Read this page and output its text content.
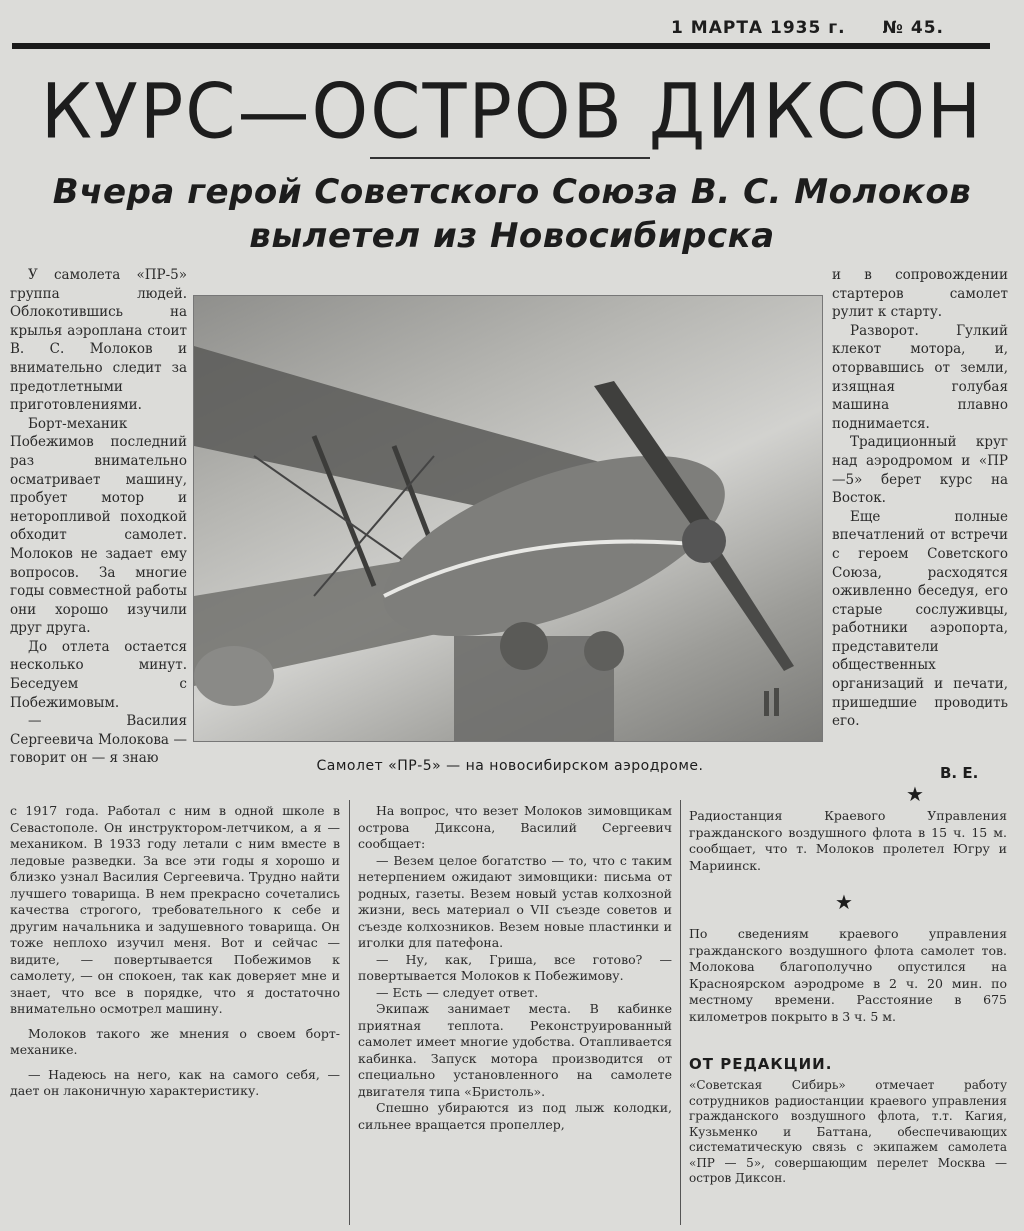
1 МАРТА 1935 г. № 45.
КУРС—ОСТРОВ ДИКСОН
Вчера герой Советского Союза В. С. Молоков
вылетел из Новосибирска

У самолета «ПР-5» группа людей. Облокотившись на крылья аэроплана стоит В. С. Молоков и внимательно следит за предотлетными приготовлениями.

Борт-механик Побежимов последний раз внимательно осматривает машину, пробует мотор и неторопливой походкой обходит самолет. Молоков не задает ему вопросов. За многие годы совместной работы они хорошо изучили друг друга.

До отлета остается несколько минут. Беседуем с Побежимовым.

— Василия Сергеевича Молокова — говорит он — я знаю	Самолет «ПР-5» — на новосибирском аэродроме.

и в сопровождении стартеров самолет рулит к старту.

Разворот. Гулкий клекот мотора, и, оторвавшись от земли, изящная голубая машина плавно поднимается.

Традиционный круг над аэродромом и «ПР—5» берет курс на Восток.

Еще полные впечатлений от встречи с героем Советского Союза, расходятся оживленно беседуя, его старые сослуживцы, работники аэропорта, представители общественных организаций и печати, пришедшие проводить его.

В. Е.

с 1917 года. Работал с ним в одной школе в Севастополе. Он инструктором-летчиком, а я — механиком. В 1933 году летали с ним вместе в ледовые разведки. За все эти годы я хорошо и близко узнал Василия Сергеевича. Трудно найти лучшего товарища. В нем прекрасно сочетались качества строгого, требовательного к себе и другим начальника и задушевного товарища. Он тоже неплохо изучил меня. Вот и сейчас — видите, — повертывается Побежимов к самолету, — он спокоен, так как доверяет мне и знает, что все в порядке, что я достаточно внимательно осмотрел машину.

Молоков такого же мнения о своем борт-механике.

— Надеюсь на него, как на самого себя, — дает он лаконичную характеристику.

На вопрос, что везет Молоков зимовщикам острова Диксона, Василий Сергеевич сообщает:

— Везем целое богатство — то, что с таким нетерпением ожидают зимовщики: письма от родных, газеты. Везем новый устав колхозной жизни, весь материал о VII съезде советов и съезде колхозников. Везем новые пластинки и иголки для патефона.

— Ну, как, Гриша, все готово? — повертывается Молоков к Побежимову.

— Есть — следует ответ.

Экипаж занимает места. В кабинке приятная теплота. Реконструированный самолет имеет многие удобства. Отапливается кабинка. Запуск мотора производится от специально установленного на самолете двигателя типа «Бристоль».

Спешно убираются из под лыж колодки, сильнее вращается пропеллер,

★
Радиостанция Краевого Управления гражданского воздушного флота в 15 ч. 15 м. сообщает, что т. Молоков пролетел Югру и Мариинск.
★
По сведениям краевого управления гражданского воздушного флота самолет тов. Молокова благополучно опустился на Красноярском аэродроме в 2 ч. 20 мин. по местному времени. Расстояние в 675 километров покрыто в 3 ч. 5 м.
ОТ РЕДАКЦИИ.
«Советская Сибирь» отмечает работу сотрудников радиостанции краевого управления гражданского воздушного флота, т.т. Кагия, Кузьменко и Баттана, обеспечивающих систематическую связь с экипажем самолета «ПР — 5», совершающим перелет Москва — остров Диксон.
